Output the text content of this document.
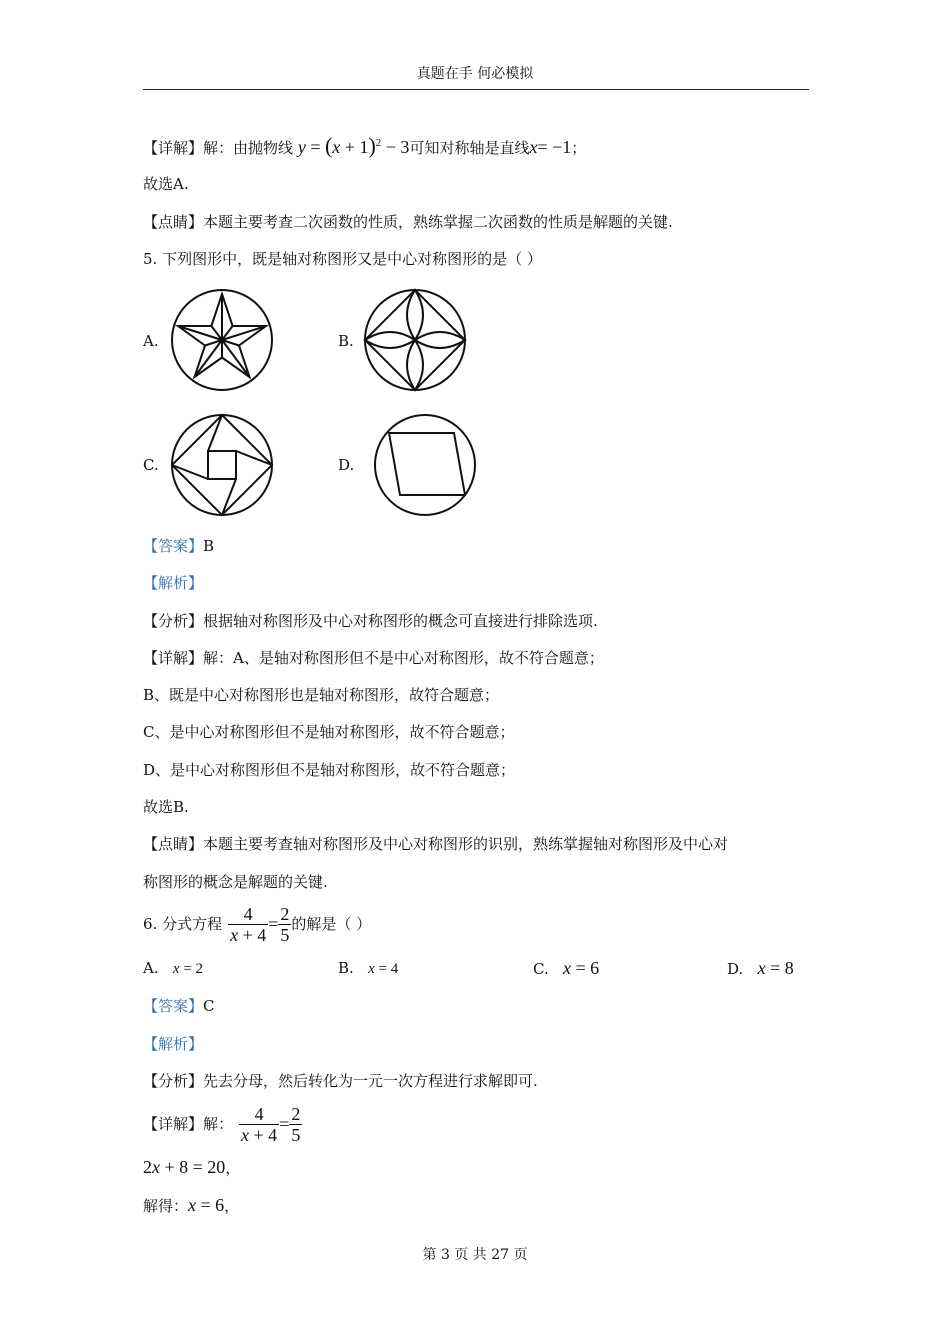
真题在手 何必模拟
【详解】解：由抛物线 $y = (x + 1)^2 - 3$可知对称轴是直线x= −1；
故选A.
【点睛】本题主要考查二次函数的性质，熟练掌握二次函数的性质是解题的关键.
5. 下列图形中，既是轴对称图形又是中心对称图形的是（ ）
A.	B.
C.	D.
【答案】B
【解析】
【分析】根据轴对称图形及中心对称图形的概念可直接进行排除选项.
【详解】解：A、是轴对称图形但不是中心对称图形，故不符合题意；
B、既是中心对称图形也是轴对称图形，故符合题意；
C、是中心对称图形但不是轴对称图形，故不符合题意；
D、是中心对称图形但不是轴对称图形，故不符合题意；
故选B.
【点睛】本题主要考查轴对称图形及中心对称图形的识别，熟练掌握轴对称图形及中心对
称图形的概念是解题的关键.
6. 分式方程 $\frac{4}{x + 4} = \frac{2}{5}$ 的解是（ ）
A. x = 2	B. x = 4	C. x = 6	D. x = 8
【答案】C
【解析】
【分析】先去分母，然后转化为一元一次方程进行求解即可.
【详解】 解： $\frac{4}{x + 4} = \frac{2}{5}$
2x + 8 = 20，
解得：x = 6，
第 3 页 共 27 页
